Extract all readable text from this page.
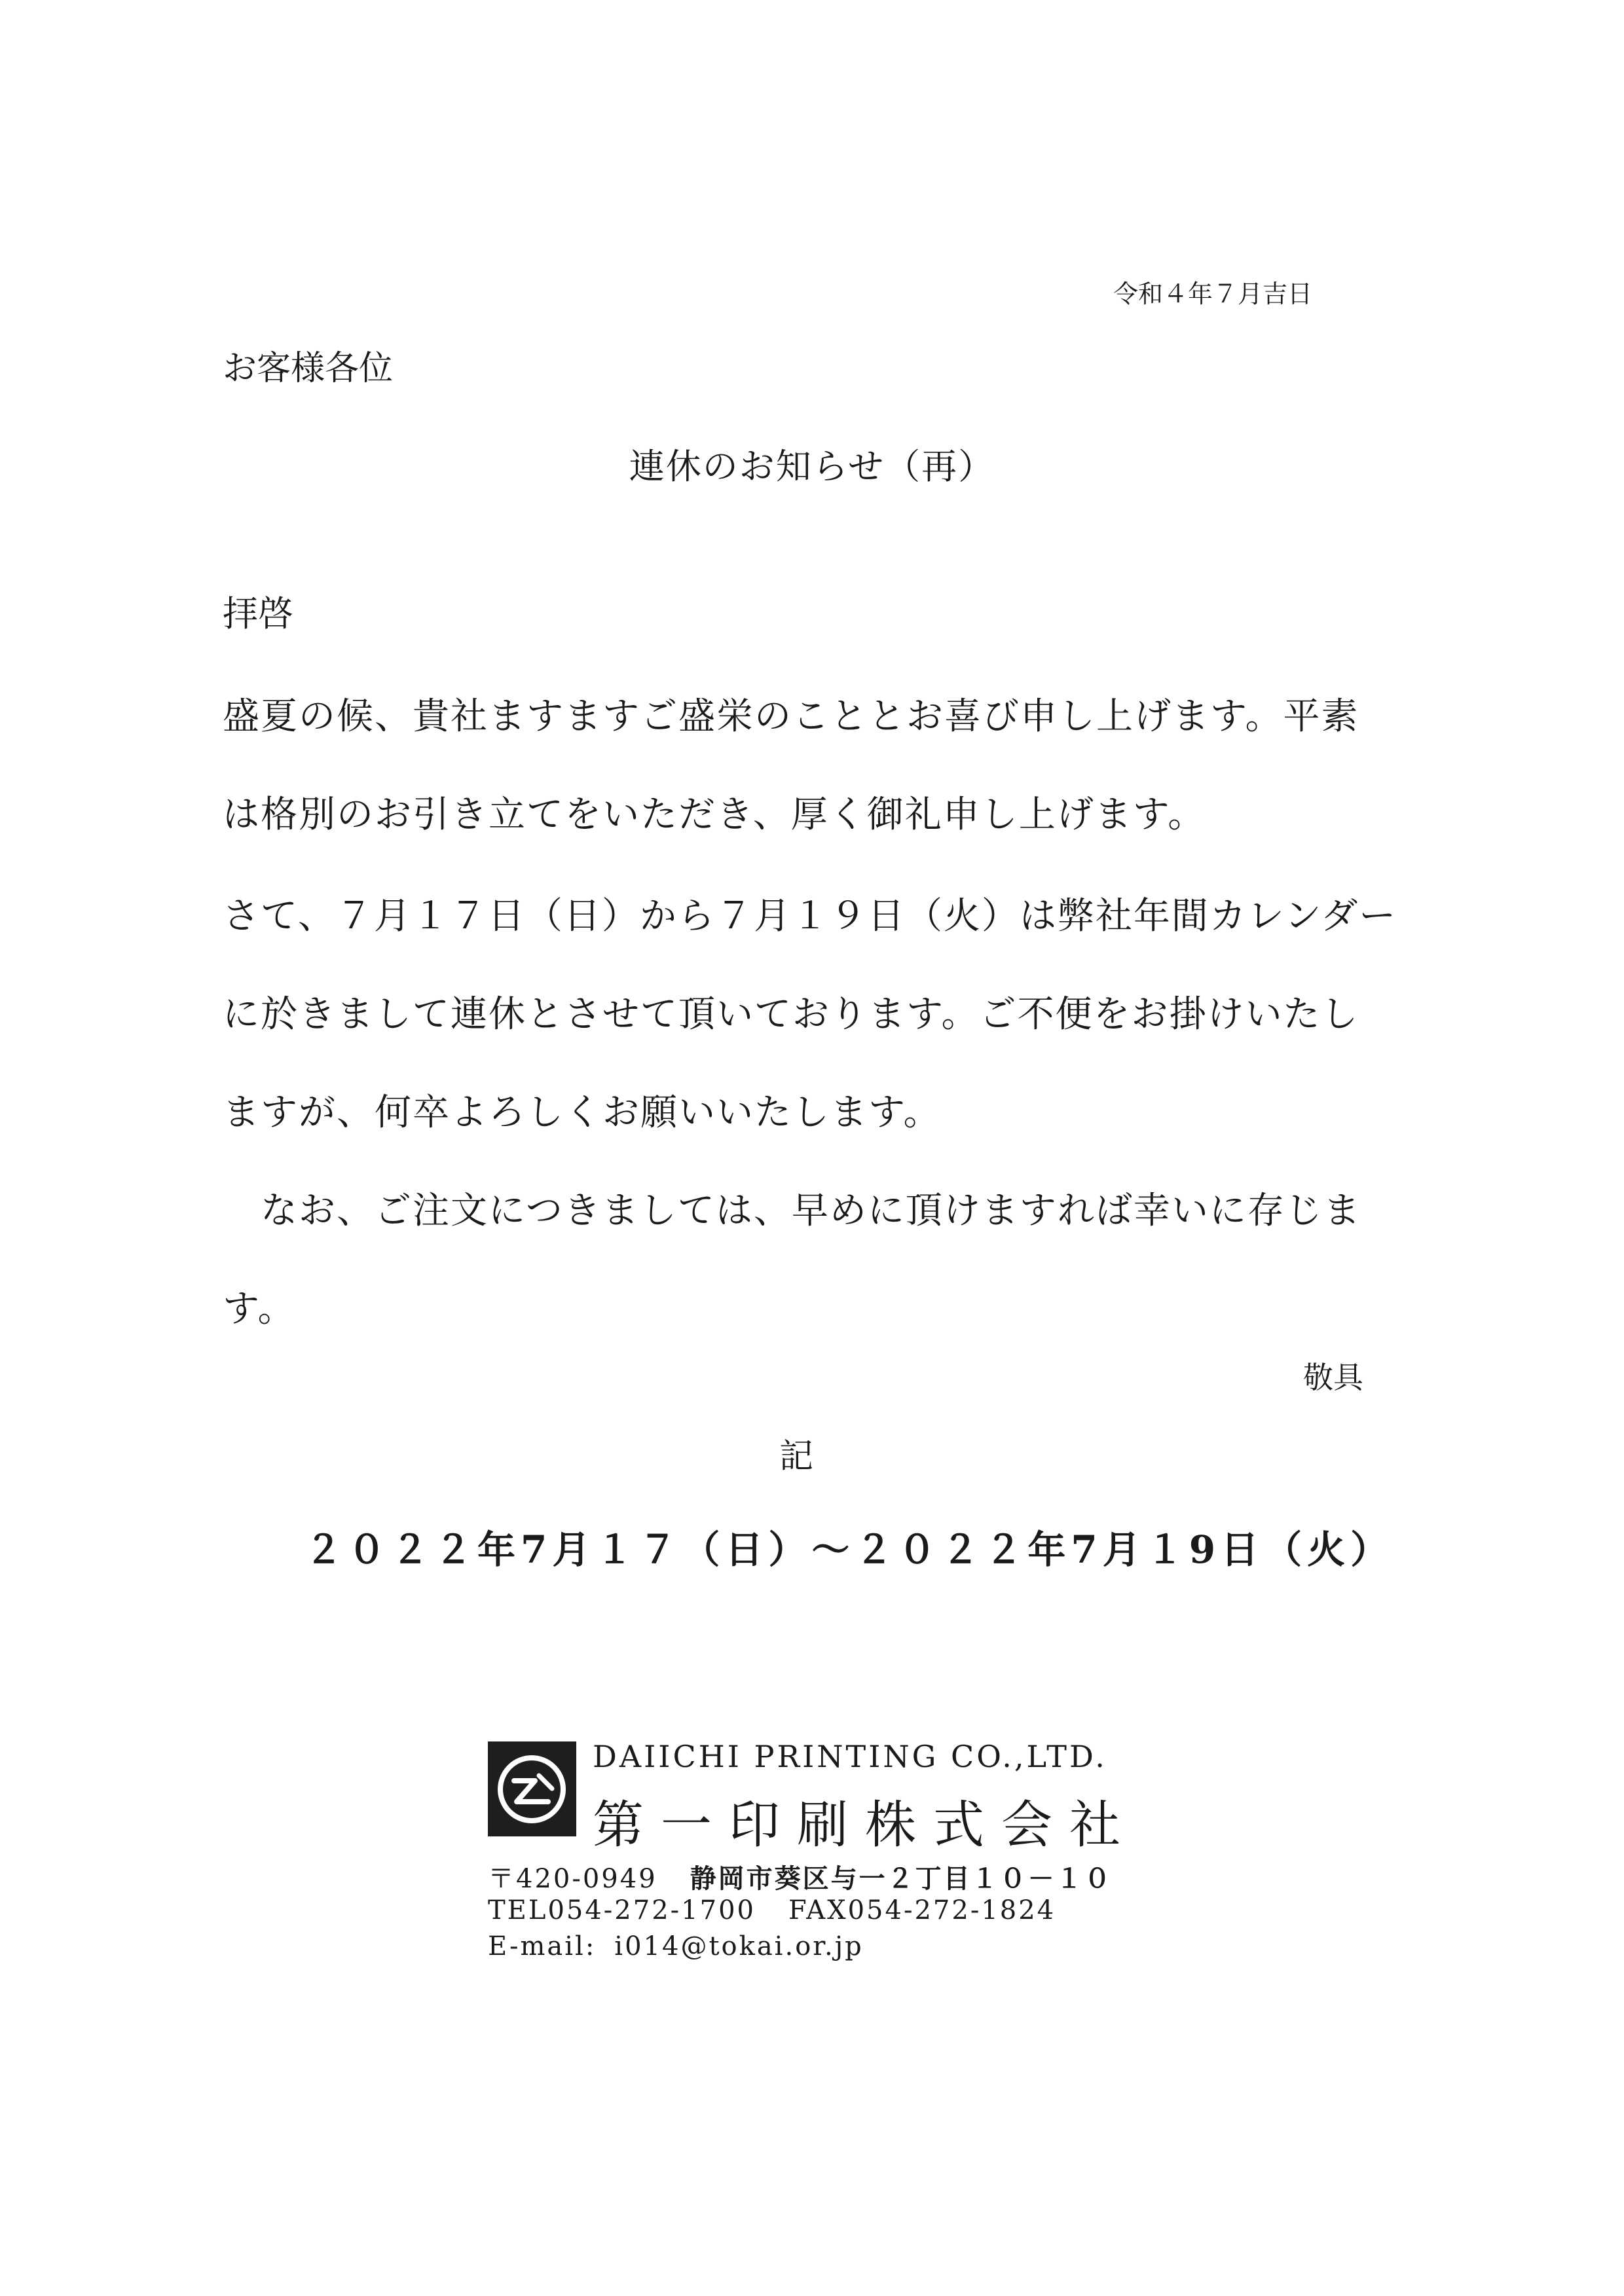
令和４年７月吉日
お客様各位
連休のお知らせ（再）
拝啓
盛夏の候、貴社ますますご盛栄のこととお喜び申し上げます。平素
は格別のお引き立てをいただき、厚く御礼申し上げます。
さて、７月１７日（日）から７月１９日（火）は弊社年間カレンダー
に於きまして連休とさせて頂いております。ご不便をお掛けいたし
ますが、何卒よろしくお願いいたします。
　なお、ご注文につきましては、早めに頂けますれば幸いに存じま
す。
敬具
記
２０２２年7月１７（日）～２０２２年7月１9日（火）
DAIICHI PRINTING CO.,LTD.
第一印刷株式会社
〒420-0949 静岡市葵区与一２丁目１０－１０
TEL054-272-1700 FAX054-272-1824
E-mail: i014@tokai.or.jp
